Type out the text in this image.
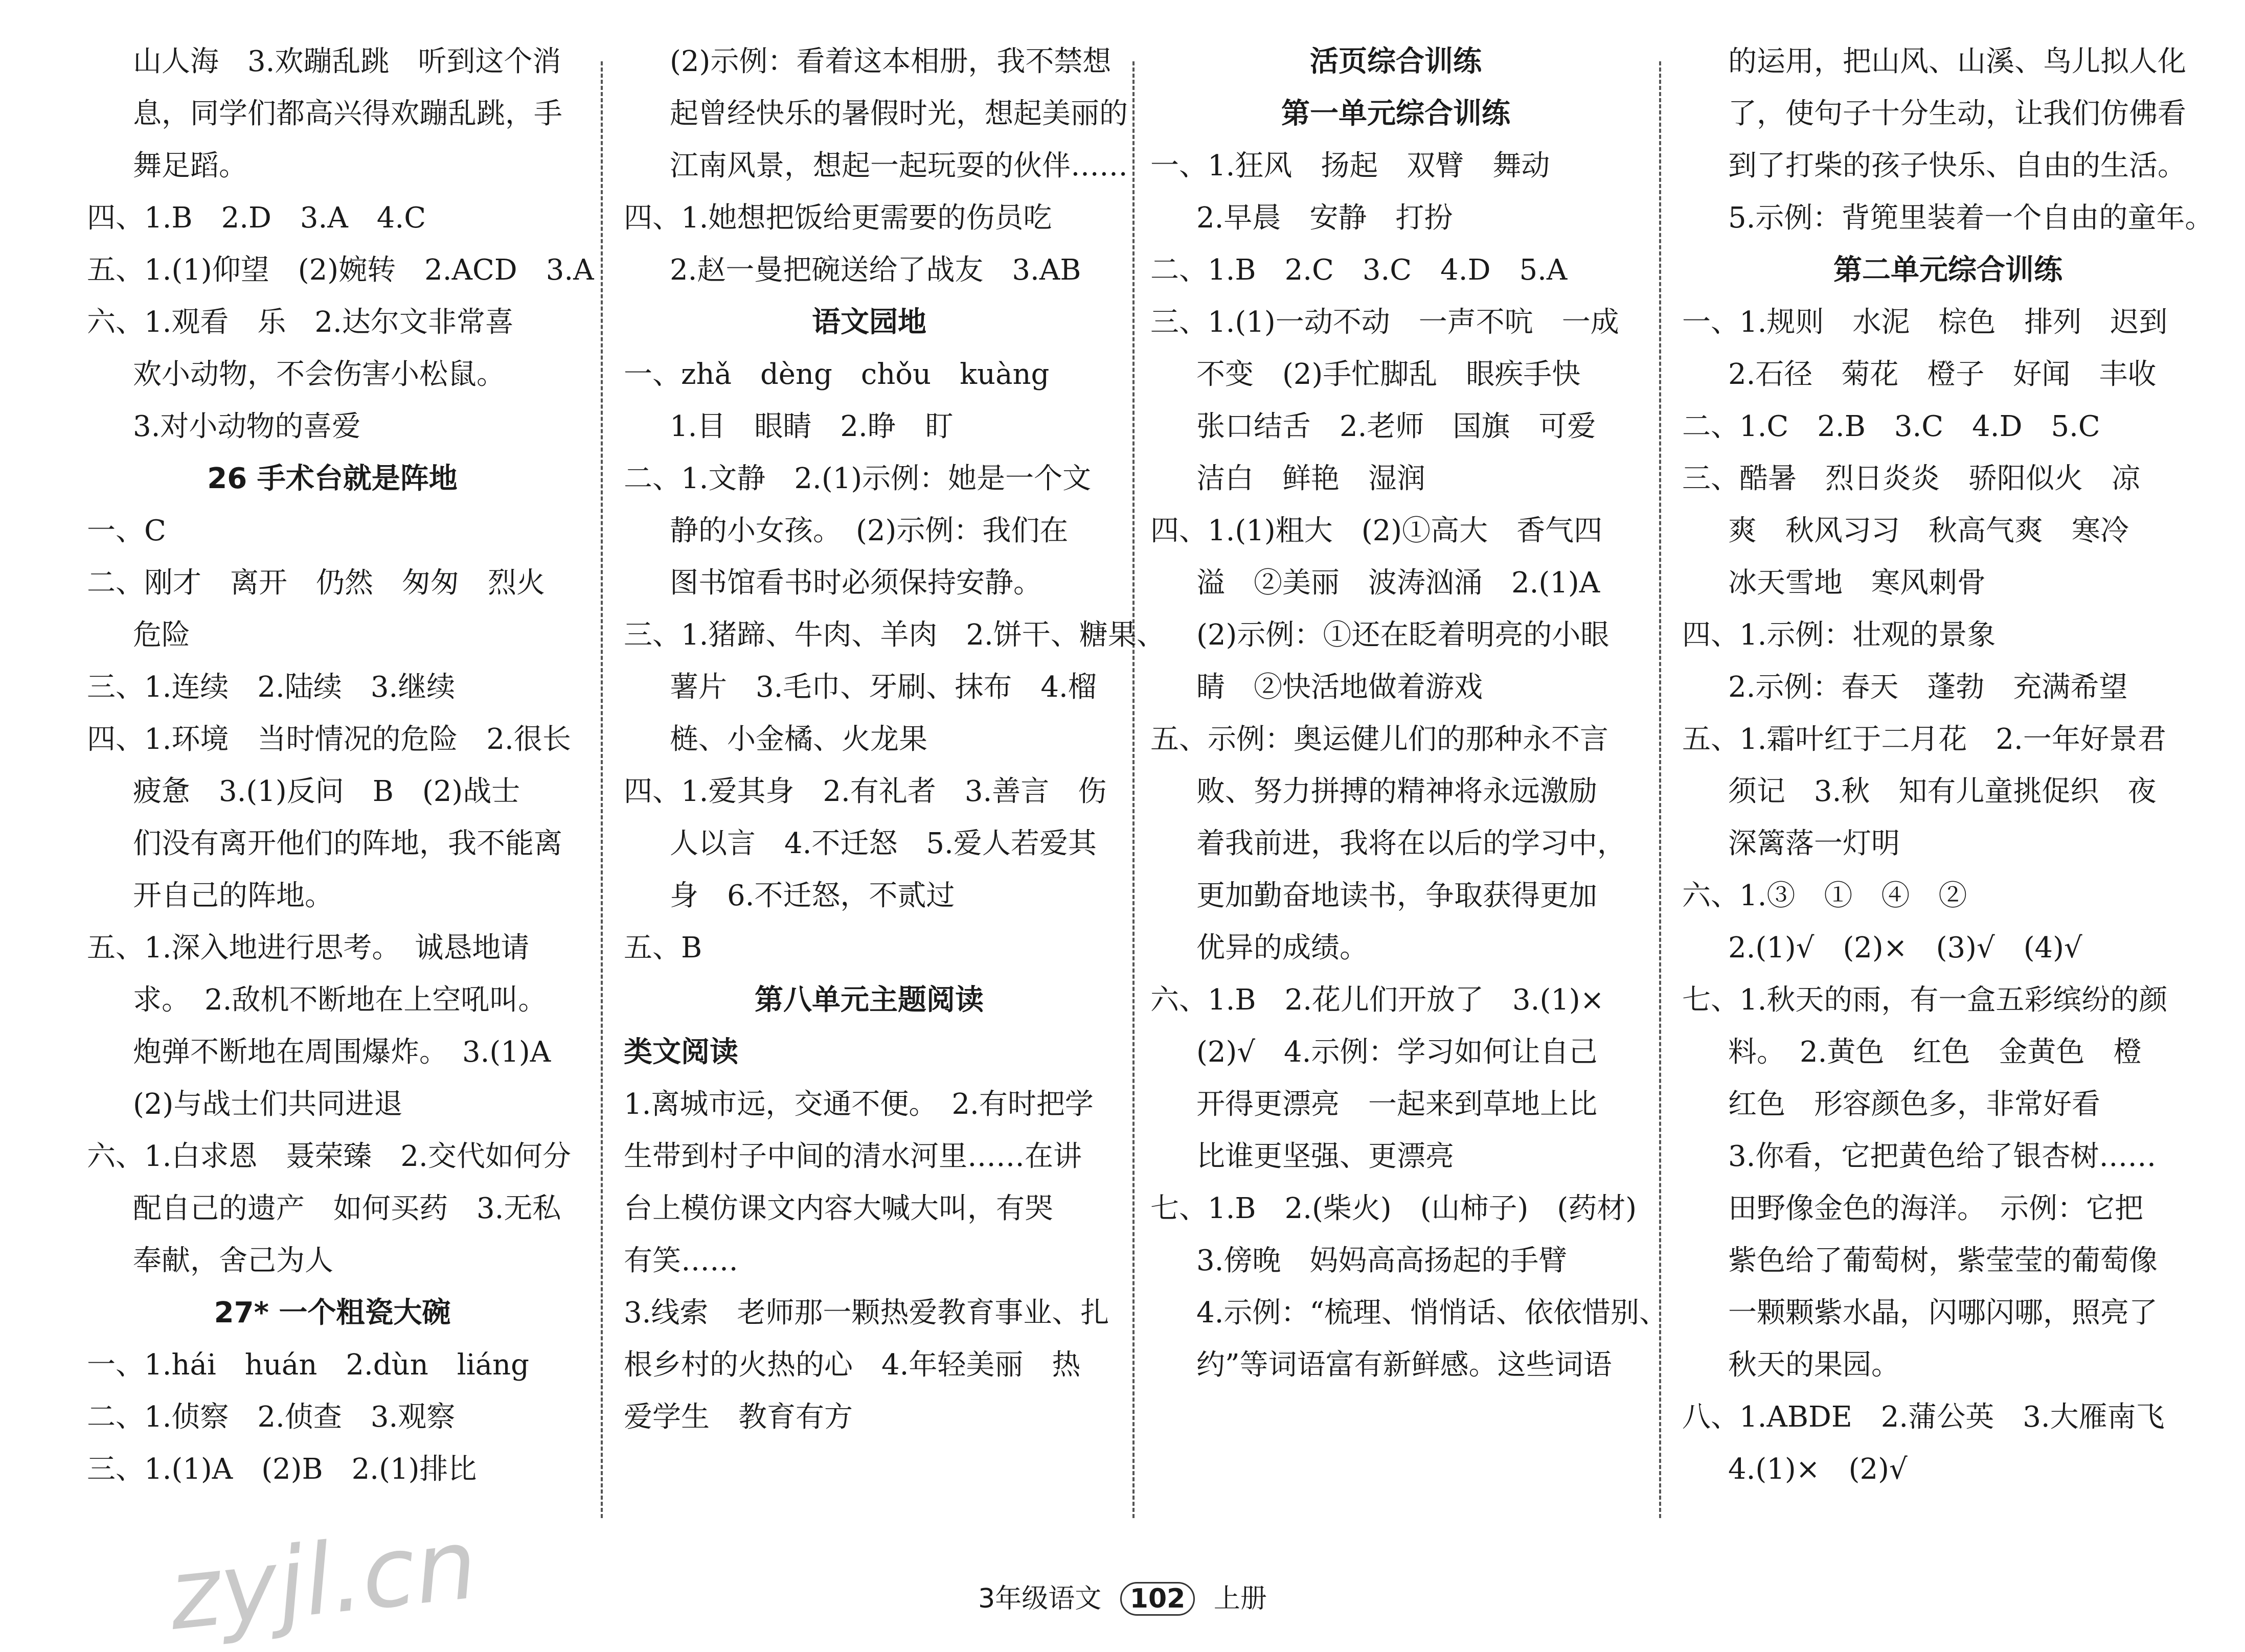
山人海　3.欢蹦乱跳　听到这个消

息，同学们都高兴得欢蹦乱跳，手

舞足蹈。

四、1.B　2.D　3.A　4.C

五、1.(1)仰望　(2)婉转　2.ACD　3.A

六、1.观看　乐　2.达尔文非常喜

欢小动物，不会伤害小松鼠。

3.对小动物的喜爱

26 手术台就是阵地

一、C

二、刚才　离开　仍然　匆匆　烈火

危险

三、1.连续　2.陆续　3.继续

四、1.环境　当时情况的危险　2.很长

疲惫　3.(1)反问　B　(2)战士

们没有离开他们的阵地，我不能离

开自己的阵地。

五、1.深入地进行思考。　诚恳地请

求。　2.敌机不断地在上空吼叫。

炮弹不断地在周围爆炸。　3.(1)A

(2)与战士们共同进退

六、1.白求恩　聂荣臻　2.交代如何分

配自己的遗产　如何买药　3.无私

奉献，舍己为人

27* 一个粗瓷大碗

一、1.hái　huán　2.dùn　liáng

二、1.侦察　2.侦查　3.观察

三、1.(1)A　(2)B　2.(1)排比

(2)示例：看着这本相册，我不禁想

起曾经快乐的暑假时光，想起美丽的

江南风景，想起一起玩耍的伙伴……

四、1.她想把饭给更需要的伤员吃

2.赵一曼把碗送给了战友　3.AB

语文园地

一、zhǎ　dèng　chǒu　kuàng

1.目　眼睛　2.睁　盯

二、1.文静　2.(1)示例：她是一个文

静的小女孩。　(2)示例：我们在

图书馆看书时必须保持安静。

三、1.猪蹄、牛肉、羊肉　2.饼干、糖果、

薯片　3.毛巾、牙刷、抹布　4.榴

梿、小金橘、火龙果

四、1.爱其身　2.有礼者　3.善言　伤

人以言　4.不迁怒　5.爱人若爱其

身　6.不迁怒，不贰过

五、B

第八单元主题阅读

类文阅读

1.离城市远，交通不便。　2.有时把学

生带到村子中间的清水河里……在讲

台上模仿课文内容大喊大叫，有哭

有笑……

3.线索　老师那一颗热爱教育事业、扎

根乡村的火热的心　4.年轻美丽　热

爱学生　教育有方

活页综合训练

第一单元综合训练

一、1.狂风　扬起　双臂　舞动

2.早晨　安静　打扮

二、1.B　2.C　3.C　4.D　5.A

三、1.(1)一动不动　一声不吭　一成

不变　(2)手忙脚乱　眼疾手快

张口结舌　2.老师　国旗　可爱

洁白　鲜艳　湿润

四、1.(1)粗大　(2)①高大　香气四

溢　②美丽　波涛汹涌　2.(1)A

(2)示例：①还在眨着明亮的小眼

睛　②快活地做着游戏

五、示例：奥运健儿们的那种永不言

败、努力拼搏的精神将永远激励

着我前进，我将在以后的学习中，

更加勤奋地读书，争取获得更加

优异的成绩。

六、1.B　2.花儿们开放了　3.(1)×

(2)√　4.示例：学习如何让自己

开得更漂亮　一起来到草地上比

比谁更坚强、更漂亮

七、1.B　2.(柴火)　(山柿子)　(药材)

3.傍晚　妈妈高高扬起的手臂

4.示例：“梳理、悄悄话、依依惜别、

约”等词语富有新鲜感。这些词语

的运用，把山风、山溪、鸟儿拟人化

了，使句子十分生动，让我们仿佛看

到了打柴的孩子快乐、自由的生活。

5.示例：背篼里装着一个自由的童年。

第二单元综合训练

一、1.规则　水泥　棕色　排列　迟到

2.石径　菊花　橙子　好闻　丰收

二、1.C　2.B　3.C　4.D　5.C

三、酷暑　烈日炎炎　骄阳似火　凉

爽　秋风习习　秋高气爽　寒冷

冰天雪地　寒风刺骨

四、1.示例：壮观的景象

2.示例：春天　蓬勃　充满希望

五、1.霜叶红于二月花　2.一年好景君

须记　3.秋　知有儿童挑促织　夜

深篱落一灯明

六、1.③　①　④　②

2.(1)√　(2)×　(3)√　(4)√

七、1.秋天的雨，有一盒五彩缤纷的颜

料。　2.黄色　红色　金黄色　橙

红色　形容颜色多，非常好看

3.你看，它把黄色给了银杏树……

田野像金色的海洋。　示例：它把

紫色给了葡萄树，紫莹莹的葡萄像

一颗颗紫水晶，闪哪闪哪，照亮了

秋天的果园。

八、1.ABDE　2.蒲公英　3.大雁南飞

4.(1)×　(2)√

3年级语文 102 上册
zyjl.cn
